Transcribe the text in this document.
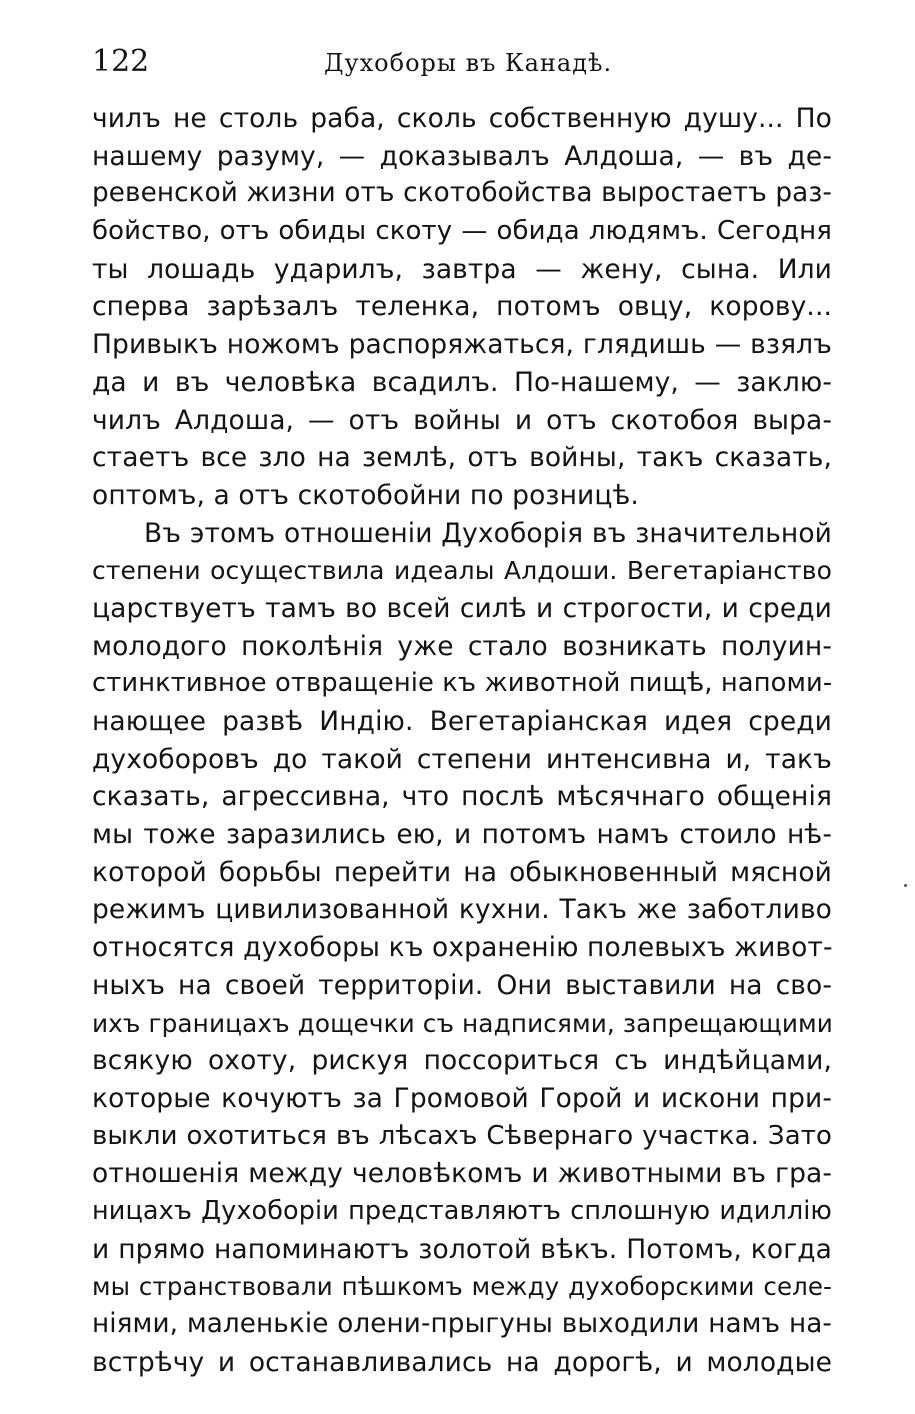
122	Духоборы въ Канадѣ.
чилъ не столь раба, сколь собственную душу... По
нашему разуму, — доказывалъ Алдоша, — въ де-
ревенской жизни отъ скотобойства выростаетъ раз-
бойство, отъ обиды скоту — обида людямъ. Сегодня
ты лошадь ударилъ, завтра — жену, сына. Или
сперва зарѣзалъ теленка, потомъ овцу, корову...
Привыкъ ножомъ распоряжаться, глядишь — взялъ
да и въ человѣка всадилъ. По-нашему, — заклю-
чилъ Алдоша, — отъ войны и отъ скотобоя выра-
стаетъ все зло на землѣ, отъ войны, такъ сказать,
оптомъ, а отъ скотобойни по розницѣ.
Въ этомъ отношенiи Духоборiя въ значительной
степени осуществила идеалы Алдоши. Вегетарiанство
царствуетъ тамъ во всей силѣ и строгости, и среди
молодого поколѣнiя уже стало возникать полуин-
стинктивное отвращенiе къ животной пищѣ, напоми-
нающее развѣ Индiю. Вегетарiанская идея среди
духоборовъ до такой степени интенсивна и, такъ
сказать, агрессивна, что послѣ мѣсячнаго общенiя
мы тоже заразились ею, и потомъ намъ стоило нѣ-
которой борьбы перейти на обыкновенный мясной
режимъ цивилизованной кухни. Такъ же заботливо
относятся духоборы къ охраненiю полевыхъ живот-
ныхъ на своей территорiи. Они выставили на сво-
ихъ границахъ дощечки съ надписями, запрещающими
всякую охоту, рискуя поссориться съ индѣйцами,
которые кочуютъ за Громовой Горой и искони при-
выкли охотиться въ лѣсахъ Сѣвернаго участка. Зато
отношенiя между человѣкомъ и животными въ гра-
ницахъ Духоборiи представляютъ сплошную идиллiю
и прямо напоминаютъ золотой вѣкъ. Потомъ, когда
мы странствовали пѣшкомъ между духоборскими селе-
нiями, маленькiе олени-прыгуны выходили намъ на-
встрѣчу и останавливались на дорогѣ, и молодые
